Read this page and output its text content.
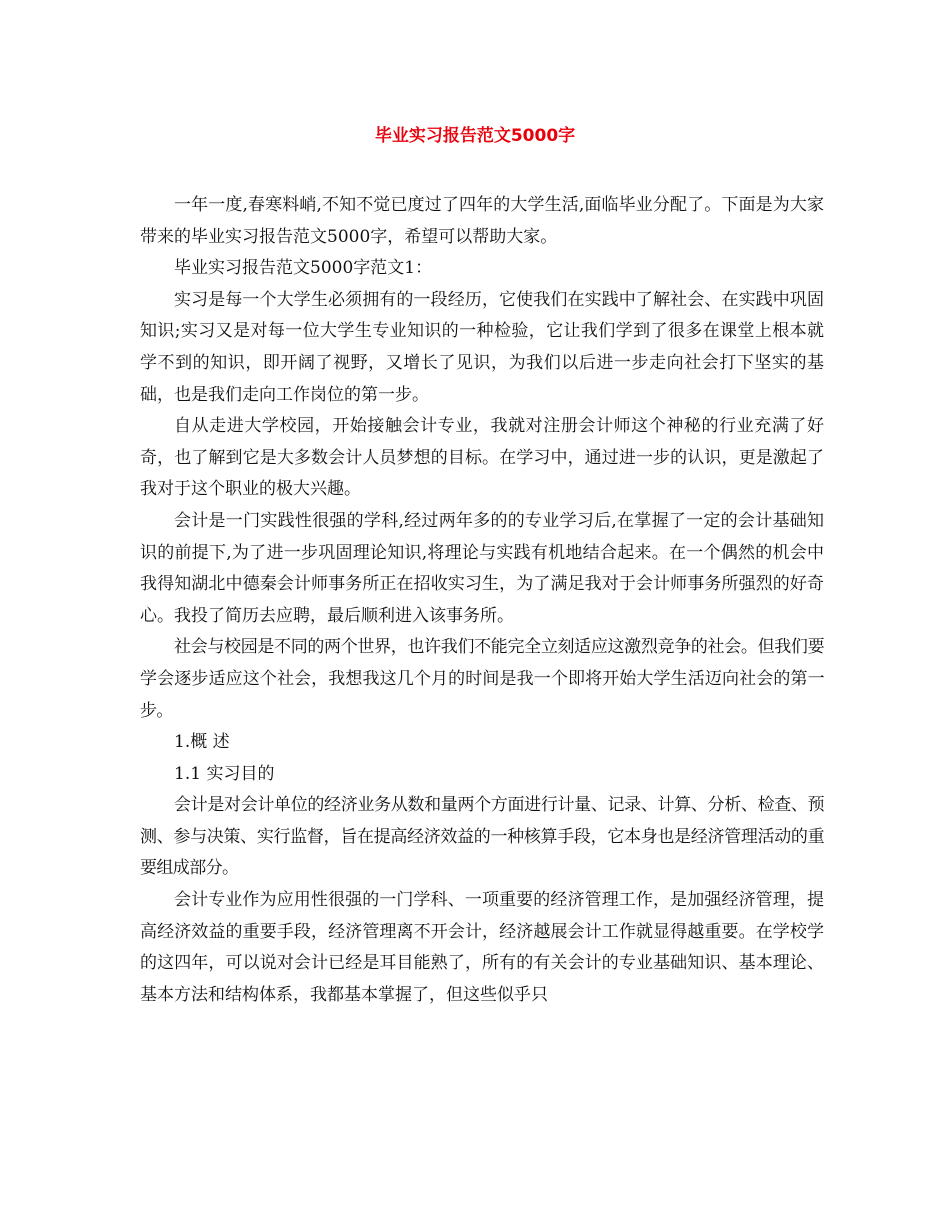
毕业实习报告范文5000字

一年一度,春寒料峭,不知不觉已度过了四年的大学生活,面临毕业分配了。下面是为大家带来的毕业实习报告范文5000字，希望可以帮助大家。

毕业实习报告范文5000字范文1：

实习是每一个大学生必须拥有的一段经历，它使我们在实践中了解社会、在实践中巩固知识;实习又是对每一位大学生专业知识的一种检验，它让我们学到了很多在课堂上根本就学不到的知识，即开阔了视野，又增长了见识，为我们以后进一步走向社会打下坚实的基础，也是我们走向工作岗位的第一步。

自从走进大学校园，开始接触会计专业，我就对注册会计师这个神秘的行业充满了好奇，也了解到它是大多数会计人员梦想的目标。在学习中，通过进一步的认识，更是激起了我对于这个职业的极大兴趣。

会计是一门实践性很强的学科,经过两年多的的专业学习后,在掌握了一定的会计基础知识的前提下,为了进一步巩固理论知识,将理论与实践有机地结合起来。在一个偶然的机会中我得知湖北中德秦会计师事务所正在招收实习生，为了满足我对于会计师事务所强烈的好奇心。我投了简历去应聘，最后顺利进入该事务所。

社会与校园是不同的两个世界，也许我们不能完全立刻适应这激烈竞争的社会。但我们要学会逐步适应这个社会，我想我这几个月的时间是我一个即将开始大学生活迈向社会的第一步。

1.概 述

1.1 实习目的

会计是对会计单位的经济业务从数和量两个方面进行计量、记录、计算、分析、检查、预测、参与决策、实行监督，旨在提高经济效益的一种核算手段，它本身也是经济管理活动的重要组成部分。

会计专业作为应用性很强的一门学科、一项重要的经济管理工作，是加强经济管理，提高经济效益的重要手段，经济管理离不开会计，经济越展会计工作就显得越重要。在学校学的这四年，可以说对会计已经是耳目能熟了，所有的有关会计的专业基础知识、基本理论、基本方法和结构体系，我都基本掌握了，但这些似乎只
